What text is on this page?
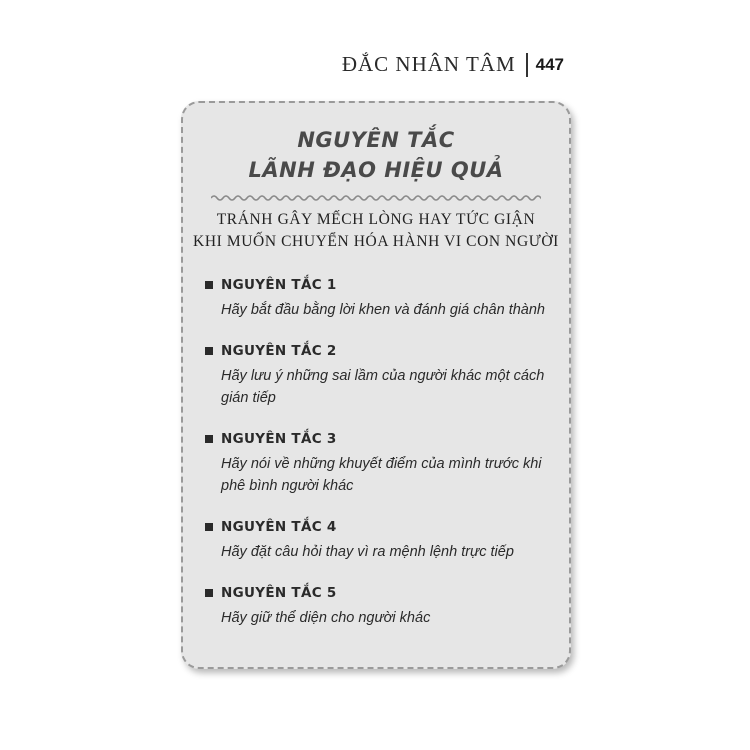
ĐẮC NHÂN TÂM 447
NGUYÊN TẮC
LÃNH ĐẠO HIỆU QUẢ
TRÁNH GÂY MẾCH LÒNG HAY TỨC GIẬN
KHI MUỐN CHUYỂN HÓA HÀNH VI CON NGƯỜI
NGUYÊN TẮC 1
Hãy bắt đầu bằng lời khen và đánh giá chân thành
NGUYÊN TẮC 2
Hãy lưu ý những sai lầm của người khác một cách gián tiếp
NGUYÊN TẮC 3
Hãy nói về những khuyết điểm của mình trước khi phê bình người khác
NGUYÊN TẮC 4
Hãy đặt câu hỏi thay vì ra mệnh lệnh trực tiếp
NGUYÊN TẮC 5
Hãy giữ thể diện cho người khác
